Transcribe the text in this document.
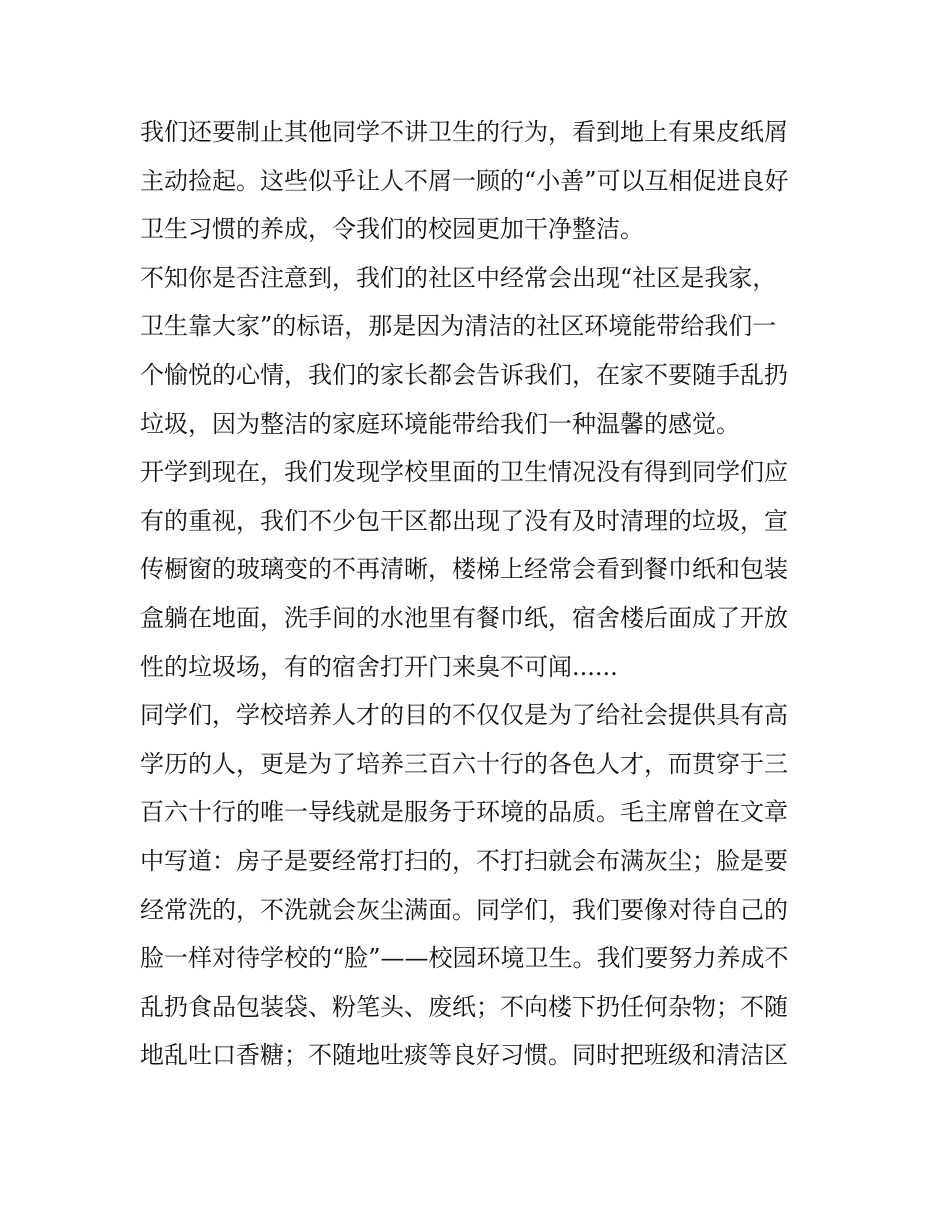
我们还要制止其他同学不讲卫生的行为，看到地上有果皮纸屑
主动捡起。这些似乎让人不屑一顾的“小善”可以互相促进良好
卫生习惯的养成，令我们的校园更加干净整洁。
不知你是否注意到，我们的社区中经常会出现“社区是我家，
卫生靠大家”的标语，那是因为清洁的社区环境能带给我们一
个愉悦的心情，我们的家长都会告诉我们，在家不要随手乱扔
垃圾，因为整洁的家庭环境能带给我们一种温馨的感觉。
开学到现在，我们发现学校里面的卫生情况没有得到同学们应
有的重视，我们不少包干区都出现了没有及时清理的垃圾，宣
传橱窗的玻璃变的不再清晰，楼梯上经常会看到餐巾纸和包装
盒躺在地面，洗手间的水池里有餐巾纸，宿舍楼后面成了开放
性的垃圾场，有的宿舍打开门来臭不可闻......
同学们，学校培养人才的目的不仅仅是为了给社会提供具有高
学历的人，更是为了培养三百六十行的各色人才，而贯穿于三
百六十行的唯一导线就是服务于环境的品质。毛主席曾在文章
中写道：房子是要经常打扫的，不打扫就会布满灰尘；脸是要
经常洗的，不洗就会灰尘满面。同学们，我们要像对待自己的
脸一样对待学校的“脸”——校园环境卫生。我们要努力养成不
乱扔食品包装袋、粉笔头、废纸；不向楼下扔任何杂物；不随
地乱吐口香糖；不随地吐痰等良好习惯。同时把班级和清洁区
